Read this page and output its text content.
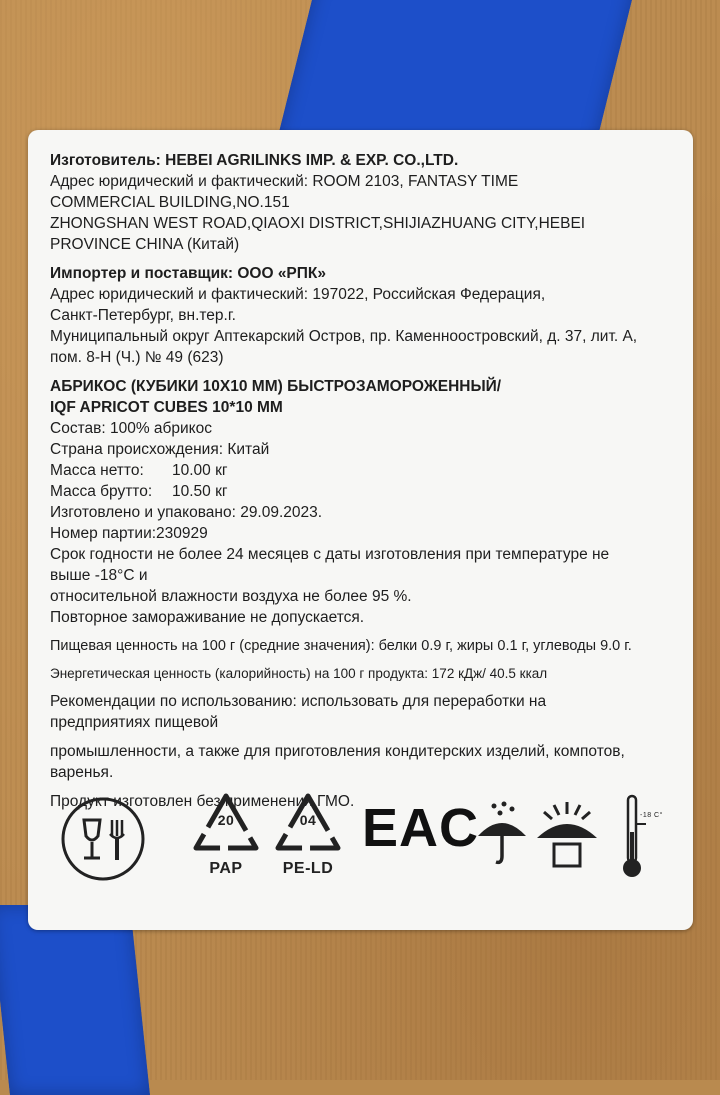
Изготовитель: HEBEI AGRILINKS IMP. & EXP. CO.,LTD.
Адрес юридический и фактический: ROOM 2103, FANTASY TIME
COMMERCIAL BUILDING,NO.151
ZHONGSHAN WEST ROAD,QIAOXI DISTRICT,SHIJIAZHUANG CITY,HEBEI
PROVINCE CHINA (Китай)
Импортер и поставщик: ООО «РПК»
Адрес юридический и фактический: 197022, Российская Федерация,
Санкт-Петербург, вн.тер.г.
Муниципальный округ Аптекарский Остров, пр. Каменноостровский, д. 37, лит. А,
пом. 8-Н (Ч.) № 49 (623)
АБРИКОС (КУБИКИ 10Х10 ММ) БЫСТРОЗАМОРОЖЕННЫЙ/
IQF APRICOT CUBES 10*10 MM
Состав: 100% абрикос
Страна происхождения: Китай
Масса нетто:	10.00 кг
Масса брутто:	10.50 кг
Изготовлено и упаковано: 29.09.2023.
Номер партии:230929
Срок годности не более 24 месяцев с даты изготовления при температуре не
выше -18°С и
относительной влажности воздуха не более 95 %.
Повторное замораживание не допускается.
Пищевая ценность на 100 г (средние значения): белки 0.9 г, жиры 0.1 г, углеводы 9.0 г.
Энергетическая ценность (калорийность) на 100 г продукта: 172 кДж/ 40.5 ккал
Рекомендации по использованию: использовать для переработки на
предприятиях пищевой
промышленности, а также для приготовления кондитерских изделий, компотов,
варенья.
Продукт изготовлен без применения ГМО.
20
PAP
04
PE-LD
EAC	-18 C°
